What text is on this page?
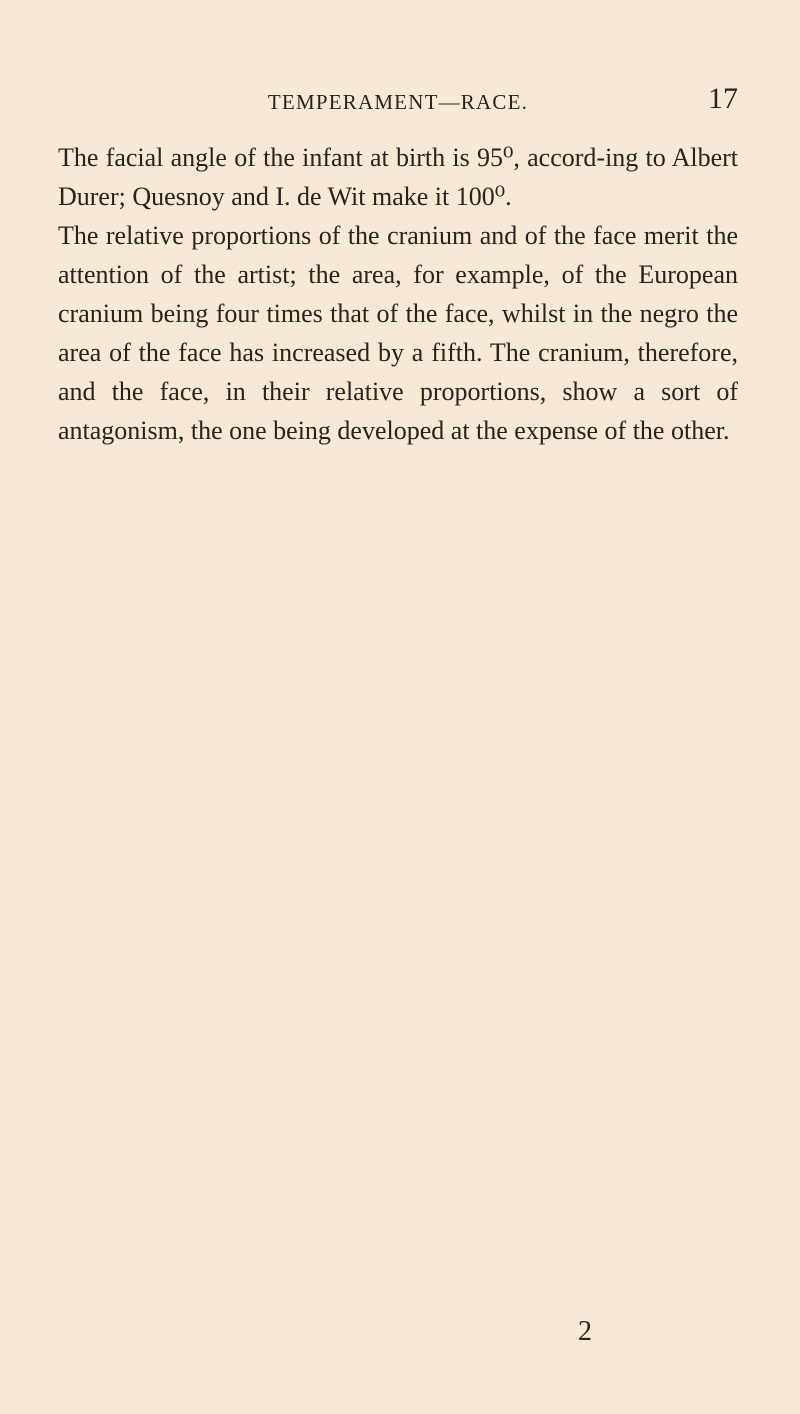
TEMPERAMENT—RACE.	17

The facial angle of the infant at birth is 95⁰, accord-ing to Albert Durer; Quesnoy and I. de Wit make it 100⁰.

The relative proportions of the cranium and of the face merit the attention of the artist; the area, for example, of the European cranium being four times that of the face, whilst in the negro the area of the face has increased by a fifth. The cranium, therefore, and the face, in their relative proportions, show a sort of antagonism, the one being developed at the expense of the other.

2
